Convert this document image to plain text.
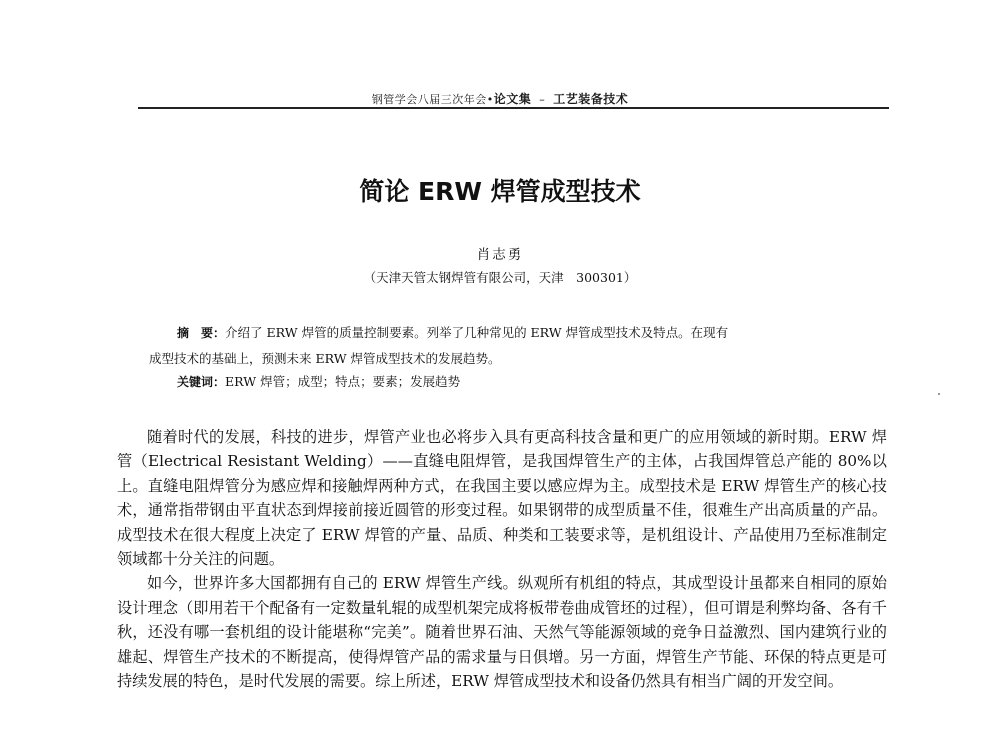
钢管学会八届三次年会•论文集 – 工艺装备技术
简论 ERW 焊管成型技术
肖志勇
（天津天管太钢焊管有限公司，天津　300301）
摘　要：介绍了 ERW 焊管的质量控制要素。列举了几种常见的 ERW 焊管成型技术及特点。在现有
成型技术的基础上，预测未来 ERW 焊管成型技术的发展趋势。
关键词：ERW 焊管；成型；特点；要素；发展趋势

随着时代的发展，科技的进步，焊管产业也必将步入具有更高科技含量和更广的应用领域的新时期。ERW 焊管（Electrical Resistant Welding）——直缝电阻焊管，是我国焊管生产的主体，占我国焊管总产能的 80%以上。直缝电阻焊管分为感应焊和接触焊两种方式，在我国主要以感应焊为主。成型技术是 ERW 焊管生产的核心技术，通常指带钢由平直状态到焊接前接近圆管的形变过程。如果钢带的成型质量不佳，很难生产出高质量的产品。成型技术在很大程度上决定了 ERW 焊管的产量、品质、种类和工装要求等，是机组设计、产品使用乃至标准制定领域都十分关注的问题。

如今，世界许多大国都拥有自己的 ERW 焊管生产线。纵观所有机组的特点，其成型设计虽都来自相同的原始设计理念（即用若干个配备有一定数量轧辊的成型机架完成将板带卷曲成管坯的过程），但可谓是利弊均备、各有千秋，还没有哪一套机组的设计能堪称“完美”。随着世界石油、天然气等能源领域的竞争日益激烈、国内建筑行业的雄起、焊管生产技术的不断提高，使得焊管产品的需求量与日俱增。另一方面，焊管生产节能、环保的特点更是可持续发展的特色，是时代发展的需要。综上所述，ERW 焊管成型技术和设备仍然具有相当广阔的开发空间。
